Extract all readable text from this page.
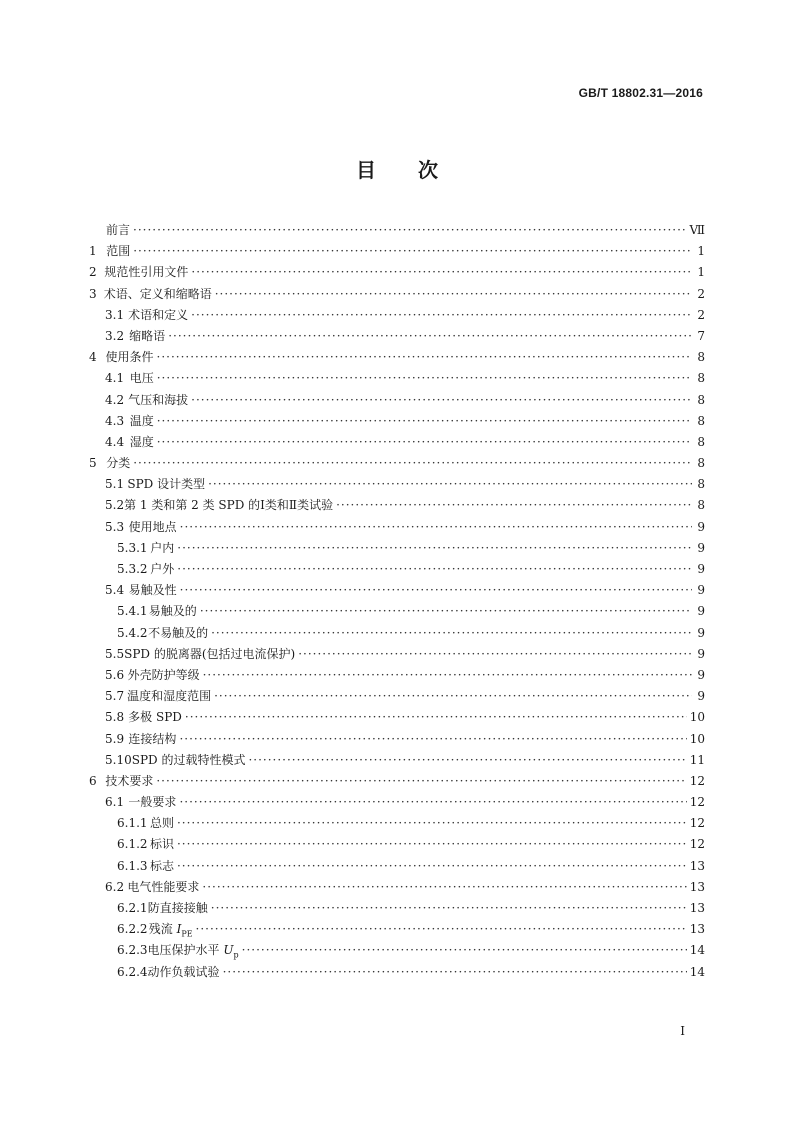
GB/T 18802.31—2016
目 次
前言 ·····	Ⅶ
1 范围 ·····	1
2 规范性引用文件 ·····	1
3 术语、定义和缩略语 ·····	2
3.1 术语和定义 ·····	2
3.2 缩略语 ·····	7
4 使用条件 ·····	8
4.1 电压 ·····	8
4.2 气压和海拔 ·····	8
4.3 温度 ·····	8
4.4 湿度 ·····	8
5 分类 ·····	8
5.1 SPD 设计类型 ·····	8
5.2 第 1 类和第 2 类 SPD 的Ⅰ类和Ⅱ类试验 ·····	8
5.3 使用地点 ·····	9
5.3.1 户内 ·····	9
5.3.2 户外 ·····	9
5.4 易触及性 ·····	9
5.4.1 易触及的 ·····	9
5.4.2 不易触及的 ·····	9
5.5 SPD 的脱离器(包括过电流保护) ·····	9
5.6 外壳防护等级 ·····	9
5.7 温度和湿度范围 ·····	9
5.8 多极 SPD ·····	10
5.9 连接结构 ·····	10
5.10 SPD 的过载特性模式 ·····	11
6 技术要求 ·····	12
6.1 一般要求 ·····	12
6.1.1 总则 ·····	12
6.1.2 标识 ·····	12
6.1.3 标志 ·····	13
6.2 电气性能要求 ·····	13
6.2.1 防直接接触 ·····	13
6.2.2 残流 $I_{PE}$ ·····	13
6.2.3 电压保护水平 $U_p$ ·····	14
6.2.4 动作负载试验 ·····	14
Ⅰ
